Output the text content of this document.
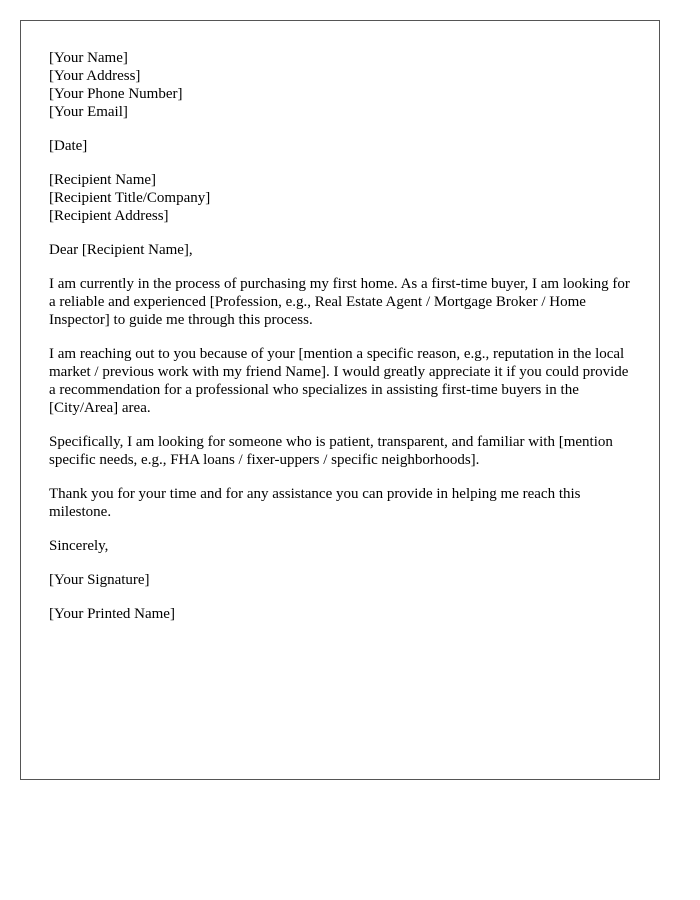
[Your Name]
[Your Address]
[Your Phone Number]
[Your Email]
[Date]
[Recipient Name]
[Recipient Title/Company]
[Recipient Address]

Dear [Recipient Name],

I am currently in the process of purchasing my first home. As a first-time buyer, I am looking for a reliable and experienced [Profession, e.g., Real Estate Agent / Mortgage Broker / Home Inspector] to guide me through this process.

I am reaching out to you because of your [mention a specific reason, e.g., reputation in the local market / previous work with my friend Name]. I would greatly appreciate it if you could provide a recommendation for a professional who specializes in assisting first-time buyers in the [City/Area] area.

Specifically, I am looking for someone who is patient, transparent, and familiar with [mention specific needs, e.g., FHA loans / fixer-uppers / specific neighborhoods].

Thank you for your time and for any assistance you can provide in helping me reach this milestone.

Sincerely,

[Your Signature]

[Your Printed Name]
